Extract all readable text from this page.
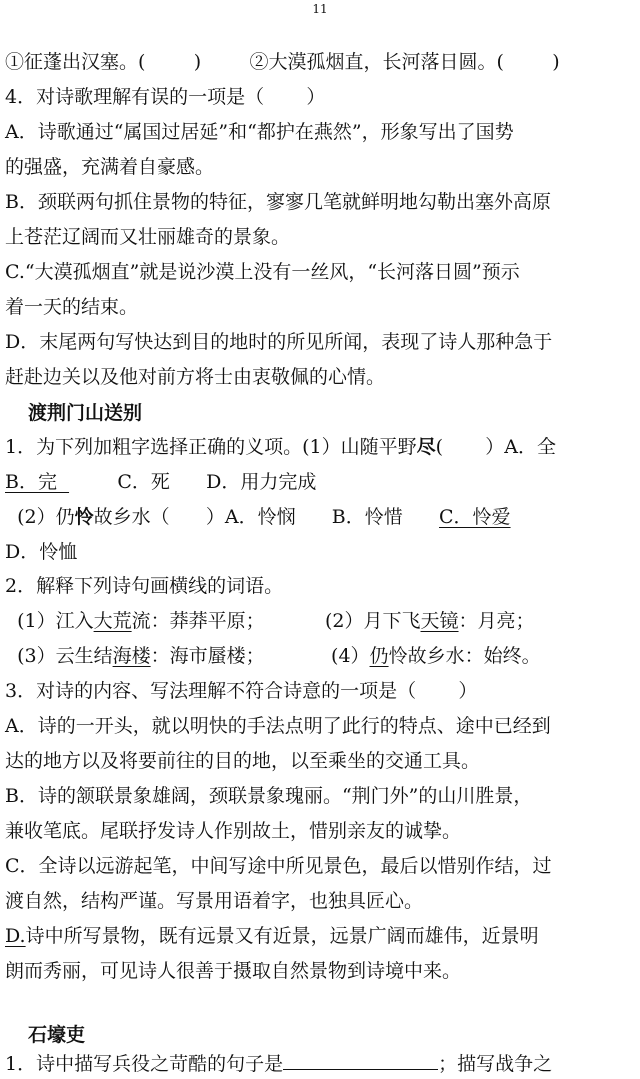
11
①征蓬出汉塞。(        )	②大漠孤烟直，长河落日圆。(        )
4．对诗歌理解有误的一项是（       ）
A．诗歌通过“属国过居延”和“都护在燕然”，形象写出了国势
的强盛，充满着自豪感。
B．颈联两句抓住景物的特征，寥寥几笔就鲜明地勾勒出塞外高原
上苍茫辽阔而又壮丽雄奇的景象。
C.“大漠孤烟直”就是说沙漠上没有一丝风，“长河落日圆”预示
着一天的结束。
D．末尾两句写快达到目的地时的所见所闻，表现了诗人那种急于
赶赴边关以及他对前方将士由衷敬佩的心情。
渡荆门山送别
1．为下列加粗字选择正确的义项。(1）山随平野尽(       ）A．全
B．完          C．死      D．用力完成
(2）仍怜故乡水（      ）A．怜悯      B．怜惜      C．怜爱
D．怜恤
2．解释下列诗句画横线的词语。
(1）江入大荒流：莽莽平原；          (2）月下飞天镜：月亮；
(3）云生结海楼：海市蜃楼；           (4）仍怜故乡水：始终。
3．对诗的内容、写法理解不符合诗意的一项是（       ）
A．诗的一开头，就以明快的手法点明了此行的特点、途中已经到
达的地方以及将要前往的目的地，以至乘坐的交通工具。
B．诗的颔联景象雄阔，颈联景象瑰丽。“荆门外”的山川胜景，
兼收笔底。尾联抒发诗人作别故土，惜别亲友的诚挚。
C．全诗以远游起笔，中间写途中所见景色，最后以惜别作结，过
渡自然，结构严谨。写景用语着字，也独具匠心。
D.诗中所写景物，既有远景又有近景，远景广阔而雄伟，近景明
朗而秀丽，可见诗人很善于摄取自然景物到诗境中来。
石壕吏
1．诗中描写兵役之苛酷的句子是	；描写战争之
